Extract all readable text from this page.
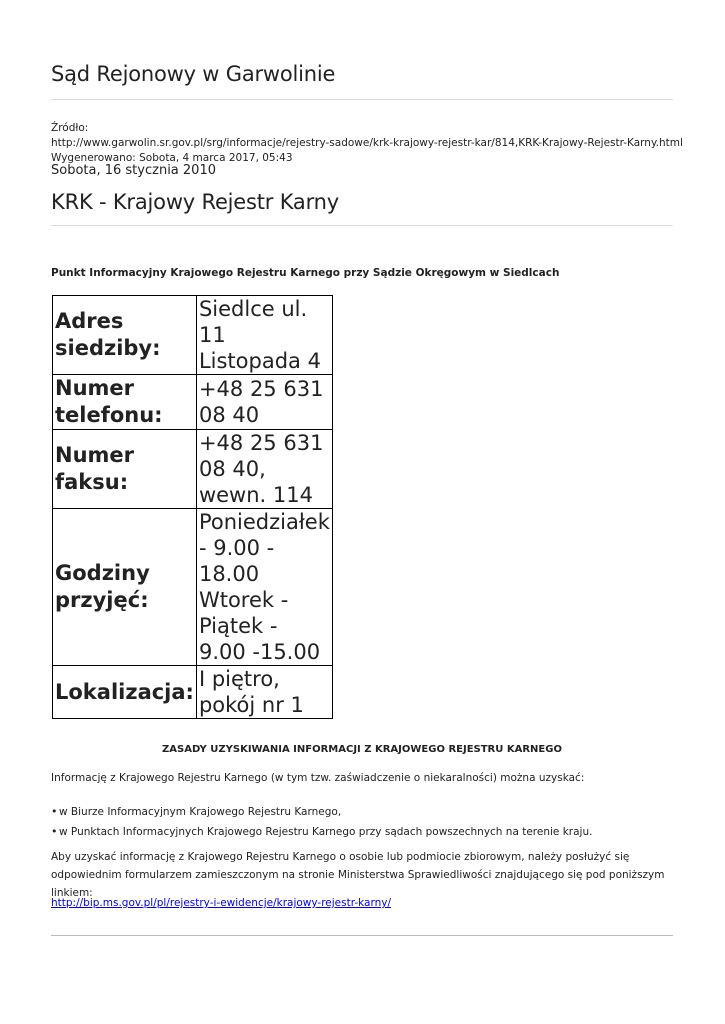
Sąd Rejonowy w Garwolinie
Źródło:
http://www.garwolin.sr.gov.pl/srg/informacje/rejestry-sadowe/krk-krajowy-rejestr-kar/814,KRK-Krajowy-Rejestr-Karny.html
Wygenerowano: Sobota, 4 marca 2017, 05:43
Sobota, 16 stycznia 2010
KRK - Krajowy Rejestr Karny
Punkt Informacyjny Krajowego Rejestru Karnego przy Sądzie Okręgowym w Siedlcach
Adres siedziby:	Siedlce ul. 11 Listopada 4
Numer telefonu:	+48 25 631 08 40
Numer faksu:	+48 25 631 08 40, wewn. 114
Godziny przyjęć:	Poniedziałek - 9.00 - 18.00 Wtorek - Piątek - 9.00 -15.00
Lokalizacja:	I piętro, pokój nr 1
ZASADY UZYSKIWANIA INFORMACJI Z KRAJOWEGO REJESTRU KARNEGO
Informację z Krajowego Rejestru Karnego (w tym tzw. zaświadczenie o niekaralności) można uzyskać:
• w Biurze Informacyjnym Krajowego Rejestru Karnego,
• w Punktach Informacyjnych Krajowego Rejestru Karnego przy sądach powszechnych na terenie kraju.

Aby uzyskać informację z Krajowego Rejestru Karnego o osobie lub podmiocie zbiorowym, należy posłużyć się odpowiednim formularzem zamieszczonym na stronie Ministerstwa Sprawiedliwości znajdującego się pod poniższym linkiem:

http://bip.ms.gov.pl/pl/rejestry-i-ewidencje/krajowy-rejestr-karny/
